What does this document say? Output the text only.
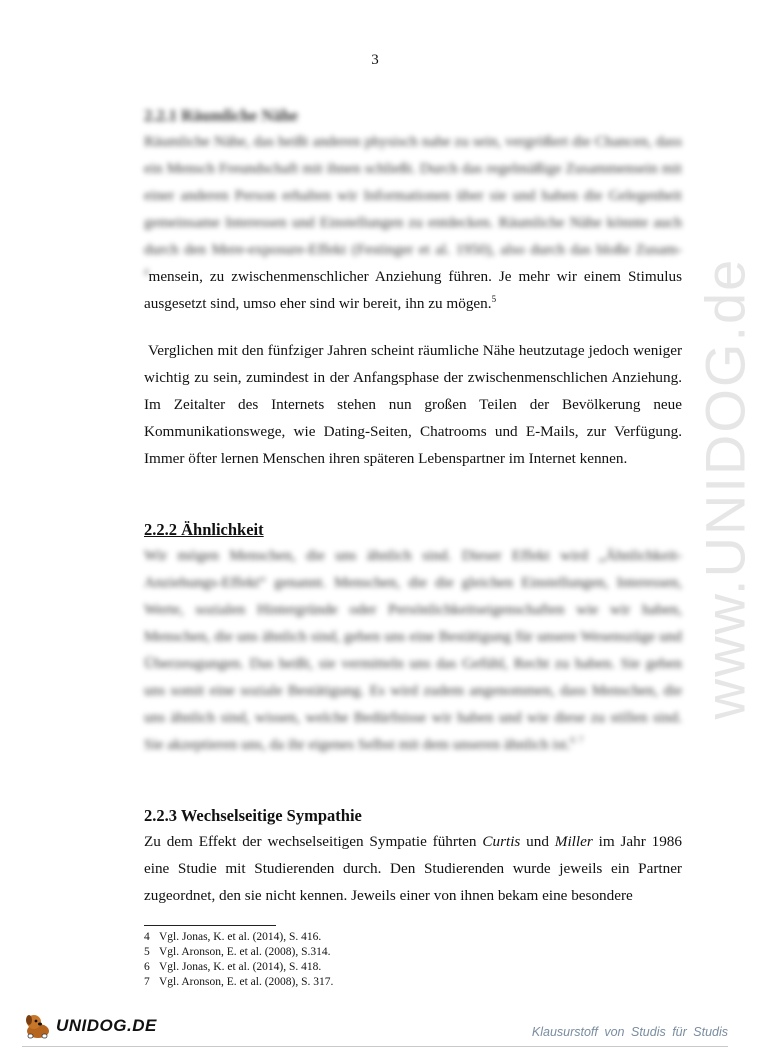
3
www.UNIDOG.de
2.2.1 Räumliche Nähe

Räumliche Nähe, das heißt anderen physisch nahe zu sein, vergrößert die Chancen, dass ein Mensch Freundschaft mit ihnen schließt. Durch das regelmäßige Zusammensein mit einer anderen Person erhalten wir Informationen über sie und haben die Gelegenheit gemeinsame Interessen und Einstellungen zu entdecken. Räumliche Nähe könnte auch durch den Mere-exposure-Effekt (Festinger et al. 1950), also durch das bloße Zusam-$^4$mensein, zu zwischenmenschlicher Anziehung führen. Je mehr wir einem Stimulus ausgesetzt sind, umso eher sind wir bereit, ihn zu mögen.$^5$

Verglichen mit den fünfziger Jahren scheint räumliche Nähe heutzutage jedoch weniger wichtig zu sein, zumindest in der Anfangsphase der zwischenmenschlichen Anziehung. Im Zeitalter des Internets stehen nun großen Teilen der Bevölkerung neue Kommunikationswege, wie Dating-Seiten, Chatrooms und E-Mails, zur Verfügung. Immer öfter lernen Menschen ihren späteren Lebenspartner im Internet kennen.

2.2.2 Ähnlichkeit

Wir mögen Menschen, die uns ähnlich sind. Dieser Effekt wird „Ähnlichkeit-Anziehungs-Effekt“ genannt. Menschen, die die gleichen Einstellungen, Interessen, Werte, sozialen Hintergründe oder Persönlichkeitseigenschaften wie wir haben, Menschen, die uns ähnlich sind, geben uns eine Bestätigung für unsere Wesenszüge und Überzeugungen. Das heißt, sie vermitteln uns das Gefühl, Recht zu haben. Sie geben uns somit eine soziale Bestätigung. Es wird zudem angenommen, dass Menschen, die uns ähnlich sind, wissen, welche Bedürfnisse wir haben und wie diese zu stillen sind. Sie akzeptieren uns, da ihr eigenes Selbst mit dem unseren ähnlich ist.$^6$ $^7$

2.2.3 Wechselseitige Sympathie

Zu dem Effekt der wechselseitigen Sympatie führten Curtis und Miller im Jahr 1986 eine Studie mit Studierenden durch. Den Studierenden wurde jeweils ein Partner zugeordnet, den sie nicht kennen. Jeweils einer von ihnen bekam eine besondere

4 Vgl. Jonas, K. et al. (2014), S. 416.
5 Vgl. Aronson, E. et al. (2008), S.314.
6 Vgl. Jonas, K. et al. (2014), S. 418.
7 Vgl. Aronson, E. et al. (2008), S. 317.
UNIDOG.DE	Klausurstoff von Studis für Studis
